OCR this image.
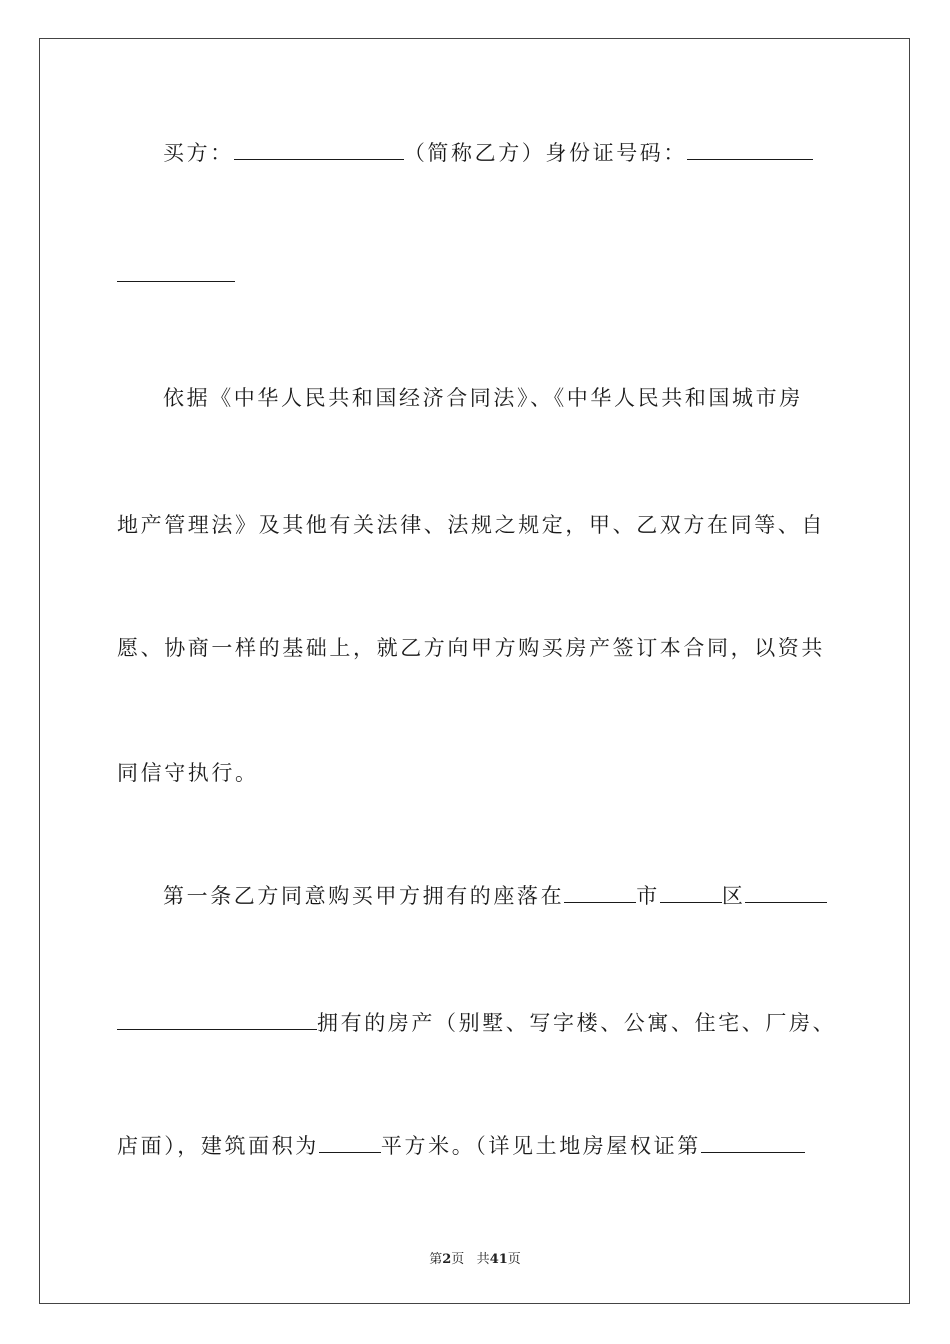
买方：	（简称乙方）身份证号码：
依据《中华人民共和国经济合同法》、《中华人民共和国城市房
地产管理法》及其他有关法律、法规之规定，甲、乙双方在同等、自
愿、协商一样的基础上，就乙方向甲方购买房产签订本合同，以资共
同信守执行。
第一条乙方同意购买甲方拥有的座落在	市	区
拥有的房产（别墅、写字楼、公寓、住宅、厂房、
店面），建筑面积为	平方米。（详见土地房屋权证第
第2页 共41页
